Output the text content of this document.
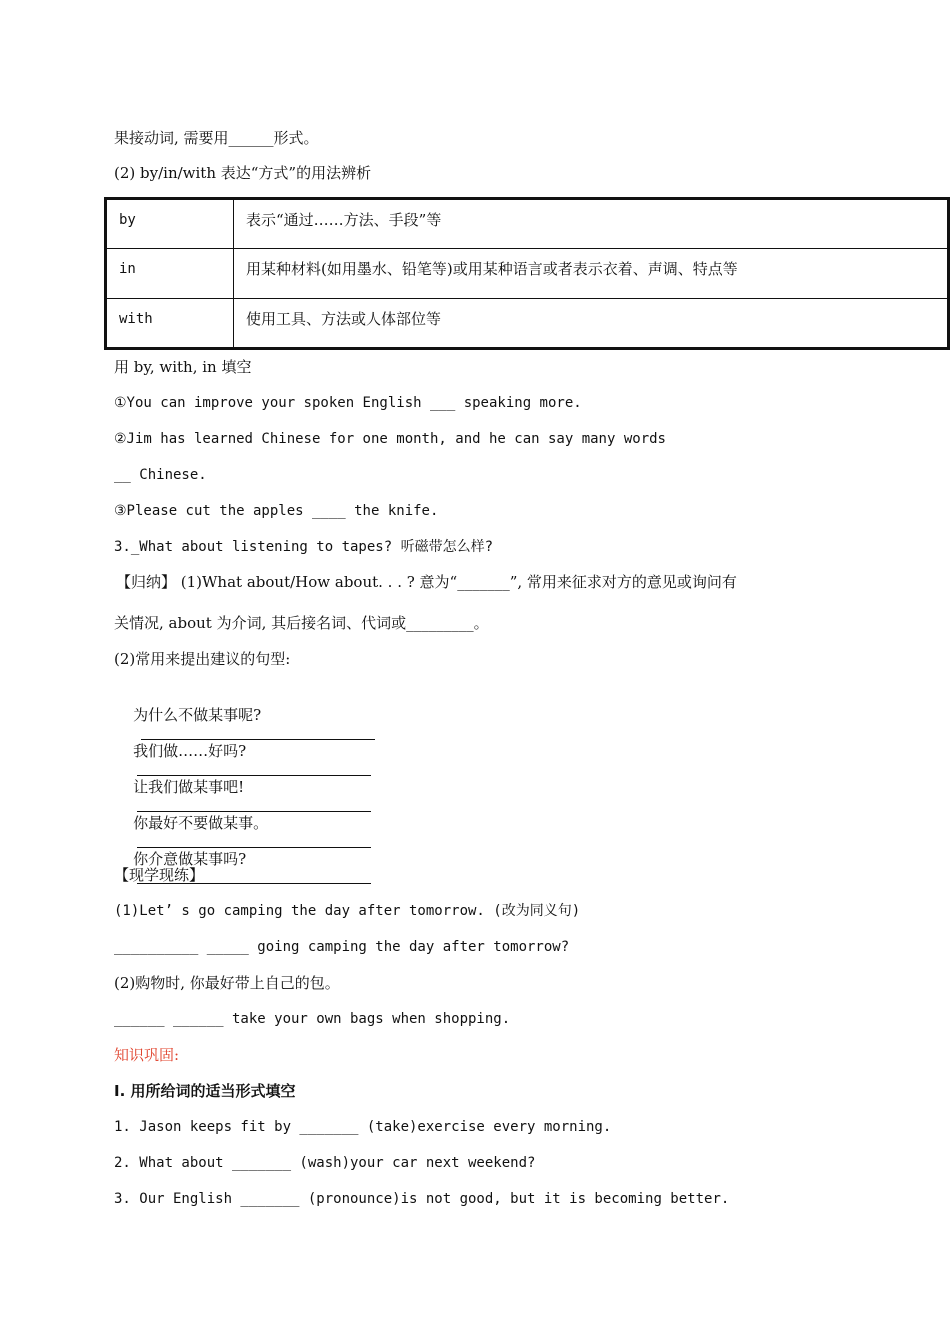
果接动词, 需要用______形式。
(2) by/in/with 表达“方式”的用法辨析
by	表示“通过……方法、手段”等
in	用某种材料(如用墨水、铅笔等)或用某种语言或者表示衣着、声调、特点等
with	使用工具、方法或人体部位等
用 by, with, in 填空
①You can improve your spoken English ___ speaking more.
②Jim has learned Chinese for one month, and he can say many words
__ Chinese.
③Please cut the apples ____ the knife.
3._What about listening to tapes? 听磁带怎么样?
【归纳】 (1)What about/How about. . . ? 意为“_______”, 常用来征求对方的意见或询问有
关情况, about 为介词, 其后接名词、代词或_________。
(2)常用来提出建议的句型:

为什么不做某事呢?

我们做……好吗?

让我们做某事吧!

你最好不要做某事。

你介意做某事吗?

【现学现练】
(1)Let’ s go camping the day after tomorrow. (改为同义句)
__________ _____ going camping the day after tomorrow?
(2)购物时, 你最好带上自己的包。
______ ______ take your own bags when shopping.
知识巩固:
Ⅰ. 用所给词的适当形式填空
1. Jason keeps fit by _______ (take)exercise every morning.
2. What about _______ (wash)your car next weekend?
3. Our English _______ (pronounce)is not good, but it is becoming better.
